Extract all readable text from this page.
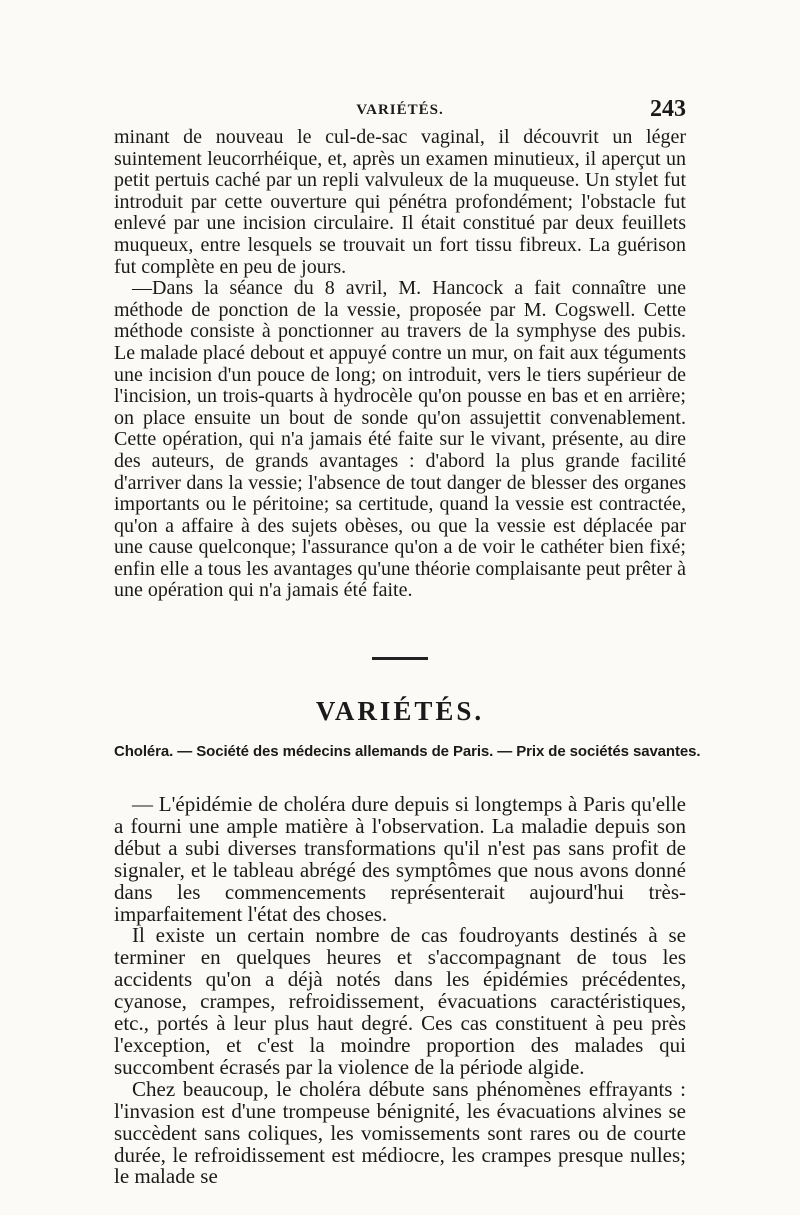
VARIÉTÉS.	243

minant de nouveau le cul-de-sac vaginal, il découvrit un léger suintement leucorrhéique, et, après un examen minutieux, il aperçut un petit pertuis caché par un repli valvuleux de la muqueuse. Un stylet fut introduit par cette ouverture qui pénétra profondément; l'obstacle fut enlevé par une incision circulaire. Il était constitué par deux feuillets muqueux, entre lesquels se trouvait un fort tissu fibreux. La guérison fut complète en peu de jours.

—Dans la séance du 8 avril, M. Hancock a fait connaître une méthode de ponction de la vessie, proposée par M. Cogswell. Cette méthode consiste à ponctionner au travers de la symphyse des pubis. Le malade placé debout et appuyé contre un mur, on fait aux téguments une incision d'un pouce de long; on introduit, vers le tiers supérieur de l'incision, un trois-quarts à hydrocèle qu'on pousse en bas et en arrière; on place ensuite un bout de sonde qu'on assujettit convenablement. Cette opération, qui n'a jamais été faite sur le vivant, présente, au dire des auteurs, de grands avantages : d'abord la plus grande facilité d'arriver dans la vessie; l'absence de tout danger de blesser des organes importants ou le péritoine; sa certitude, quand la vessie est contractée, qu'on a affaire à des sujets obèses, ou que la vessie est déplacée par une cause quelconque; l'assurance qu'on a de voir le cathéter bien fixé; enfin elle a tous les avantages qu'une théorie complaisante peut prêter à une opération qui n'a jamais été faite.

VARIÉTÉS.
Choléra. — Société des médecins allemands de Paris. — Prix de sociétés savantes.

— L'épidémie de choléra dure depuis si longtemps à Paris qu'elle a fourni une ample matière à l'observation. La maladie depuis son début a subi diverses transformations qu'il n'est pas sans profit de signaler, et le tableau abrégé des symptômes que nous avons donné dans les commencements représenterait aujourd'hui très-imparfaitement l'état des choses.

Il existe un certain nombre de cas foudroyants destinés à se terminer en quelques heures et s'accompagnant de tous les accidents qu'on a déjà notés dans les épidémies précédentes, cyanose, crampes, refroidissement, évacuations caractéristiques, etc., portés à leur plus haut degré. Ces cas constituent à peu près l'exception, et c'est la moindre proportion des malades qui succombent écrasés par la violence de la période algide.

Chez beaucoup, le choléra débute sans phénomènes effrayants : l'invasion est d'une trompeuse bénignité, les évacuations alvines se succèdent sans coliques, les vomissements sont rares ou de courte durée, le refroidissement est médiocre, les crampes presque nulles; le malade se
